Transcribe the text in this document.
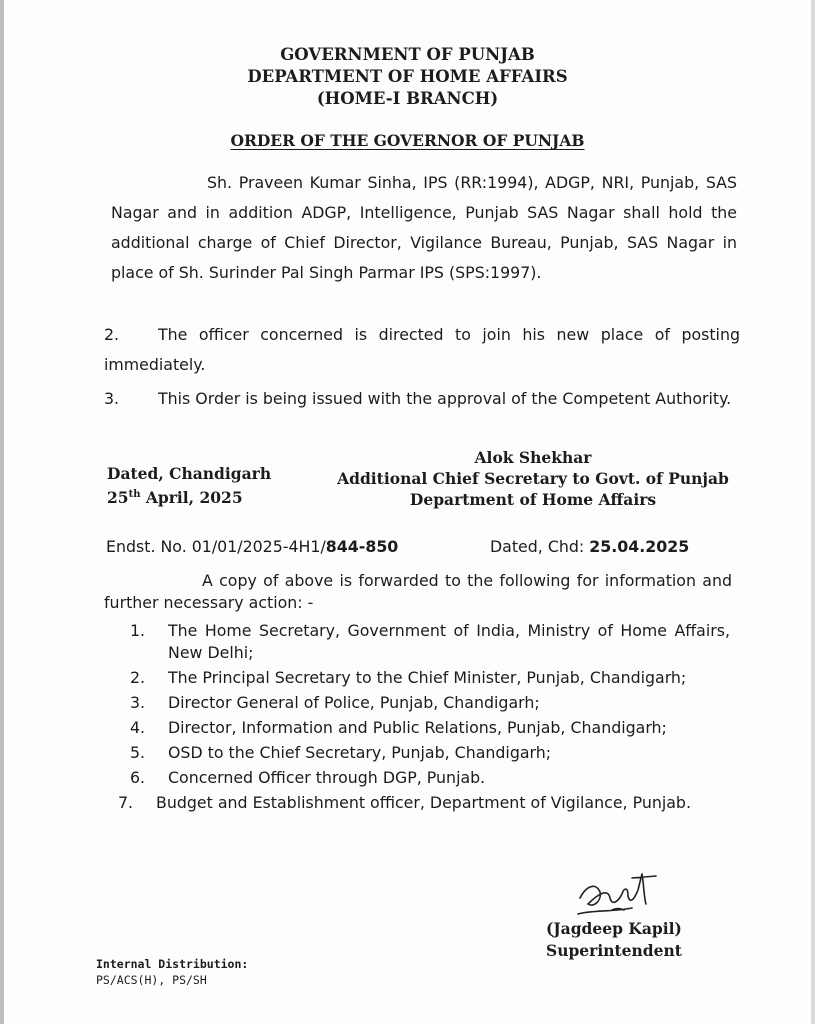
GOVERNMENT OF PUNJAB
DEPARTMENT OF HOME AFFAIRS
(HOME-I BRANCH)
ORDER OF THE GOVERNOR OF PUNJAB
Sh. Praveen Kumar Sinha, IPS (RR:1994), ADGP, NRI, Punjab, SAS Nagar and in addition ADGP, Intelligence, Punjab SAS Nagar shall hold the additional charge of Chief Director, Vigilance Bureau, Punjab, SAS Nagar in place of Sh. Surinder Pal Singh Parmar IPS (SPS:1997).
2. The officer concerned is directed to join his new place of posting immediately.
3. This Order is being issued with the approval of the Competent Authority.
Dated, Chandigarh
25th April, 2025
Alok Shekhar
Additional Chief Secretary to Govt. of Punjab
Department of Home Affairs
Endst. No. 01/01/2025-4H1/844-850	Dated, Chd: 25.04.2025
A copy of above is forwarded to the following for information and further necessary action: -
1. The Home Secretary, Government of India, Ministry of Home Affairs, New Delhi;
2. The Principal Secretary to the Chief Minister, Punjab, Chandigarh;
3. Director General of Police, Punjab, Chandigarh;
4. Director, Information and Public Relations, Punjab, Chandigarh;
5. OSD to the Chief Secretary, Punjab, Chandigarh;
6. Concerned Officer through DGP, Punjab.
7. Budget and Establishment officer, Department of Vigilance, Punjab.
(Jagdeep Kapil)
Superintendent
Internal Distribution:
PS/ACS(H), PS/SH
